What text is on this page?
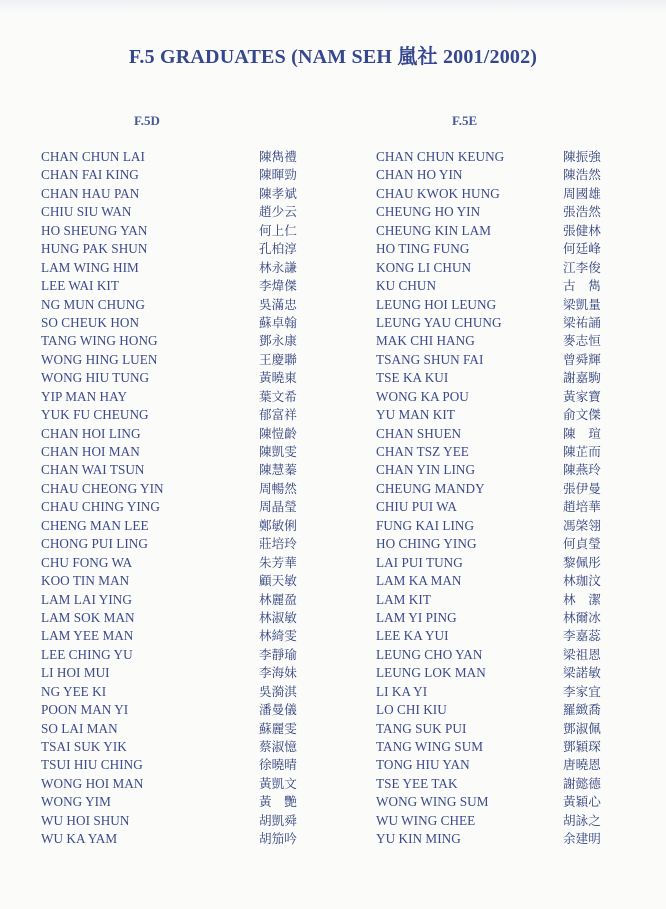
F.5 GRADUATES (NAM SEH 嵐社 2001/2002)
F.5D	F.5E
CHAN CHUN LAI	陳雋禮
CHAN FAI KING	陳暉勁
CHAN HAU PAN	陳孝斌
CHIU SIU WAN	趙少云
HO SHEUNG YAN	何上仁
HUNG PAK SHUN	孔柏淳
LAM WING HIM	林永謙
LEE WAI KIT	李煒傑
NG MUN CHUNG	吳滿忠
SO CHEUK HON	蘇卓翰
TANG WING HONG	鄧永康
WONG HING LUEN	王慶聯
WONG HIU TUNG	黃曉東
YIP MAN HAY	葉文希
YUK FU CHEUNG	郁富祥
CHAN HOI LING	陳愷齡
CHAN HOI MAN	陳凱雯
CHAN WAI TSUN	陳慧蓁
CHAU CHEONG YIN	周暢然
CHAU CHING YING	周晶瑩
CHENG MAN LEE	鄭敏俐
CHONG PUI LING	莊培玲
CHU FONG WA	朱芳華
KOO TIN MAN	顧天敏
LAM LAI YING	林麗盈
LAM SOK MAN	林淑敏
LAM YEE MAN	林綺雯
LEE CHING YU	李靜瑜
LI HOI MUI	李海妹
NG YEE KI	吳漪淇
POON MAN YI	潘曼儀
SO LAI MAN	蘇麗雯
TSAI SUK YIK	蔡淑憶
TSUI HIU CHING	徐曉晴
WONG HOI MAN	黃凱文
WONG YIM	黃　艷
WU HOI SHUN	胡凱舜
WU KA YAM	胡笳吟
CHAN CHUN KEUNG	陳振強
CHAN HO YIN	陳浩然
CHAU KWOK HUNG	周國雄
CHEUNG HO YIN	張浩然
CHEUNG KIN LAM	張健林
HO TING FUNG	何廷峰
KONG LI CHUN	江李俊
KU CHUN	古　雋
LEUNG HOI LEUNG	梁凱量
LEUNG YAU CHUNG	梁祐誦
MAK CHI HANG	麥志恒
TSANG SHUN FAI	曾舜輝
TSE KA KUI	謝嘉駒
WONG KA POU	黃家寶
YU MAN KIT	俞文傑
CHAN SHUEN	陳　瑄
CHAN TSZ YEE	陳芷而
CHAN YIN LING	陳燕玲
CHEUNG MANDY	張伊曼
CHIU PUI WA	趙培華
FUNG KAI LING	馮棨翎
HO CHING YING	何貞瑩
LAI PUI TUNG	黎佩彤
LAM KA MAN	林珈汶
LAM KIT	林　潔
LAM YI PING	林爾冰
LEE KA YUI	李嘉蕊
LEUNG CHO YAN	梁祖恩
LEUNG LOK MAN	梁諾敏
LI KA YI	李家宜
LO CHI KIU	羅緻喬
TANG SUK PUI	鄧淑佩
TANG WING SUM	鄧穎琛
TONG HIU YAN	唐曉恩
TSE YEE TAK	謝懿德
WONG WING SUM	黃穎心
WU WING CHEE	胡詠之
YU KIN MING	余建明
